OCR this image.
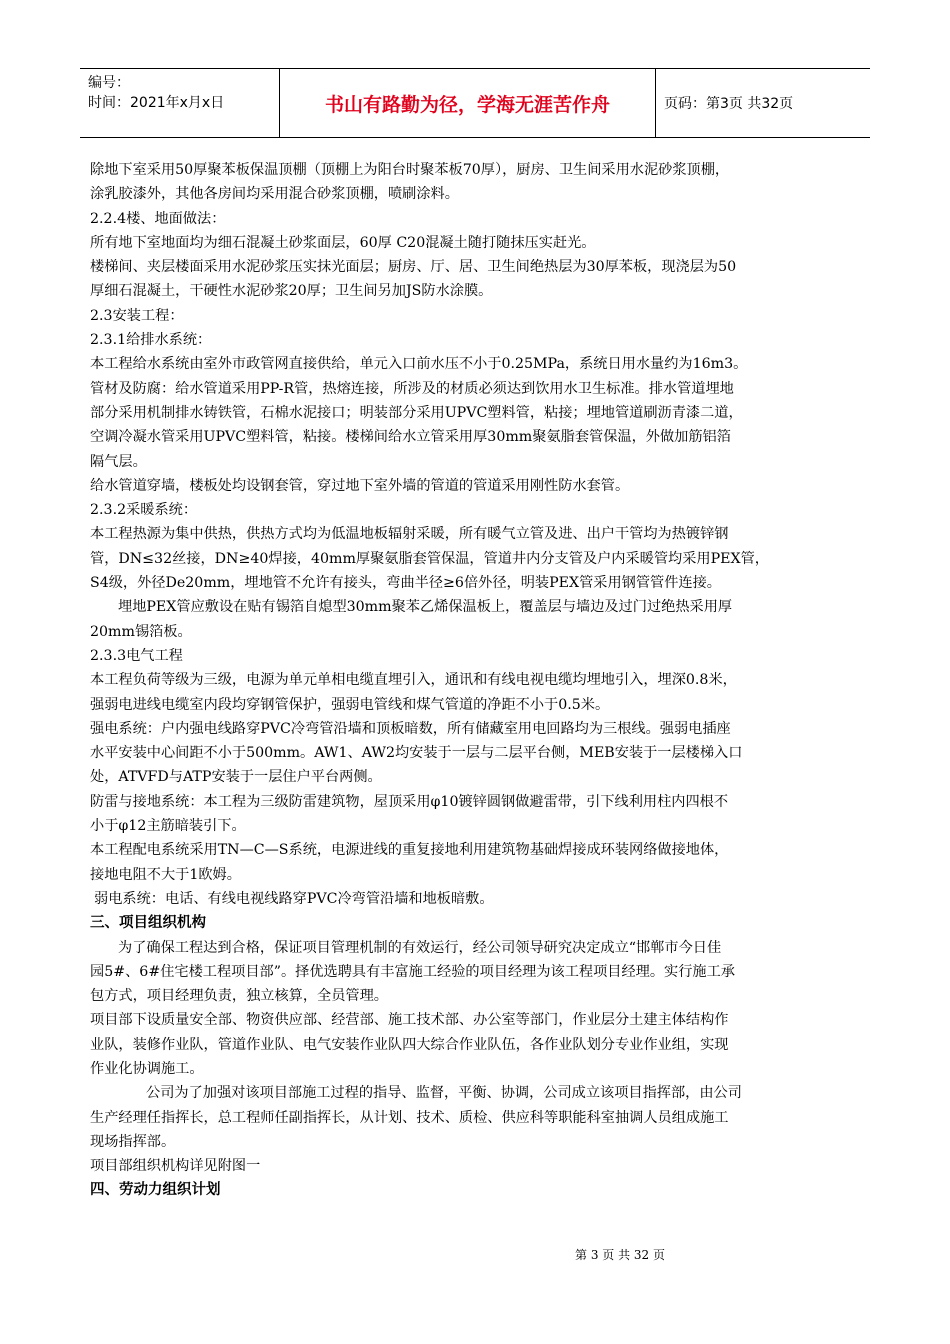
编号：
时间：2021年x月x日	书山有路勤为径，学海无涯苦作舟	页码：第3页 共32页
除地下室采用50厚聚苯板保温顶棚（顶棚上为阳台时聚苯板70厚），厨房、卫生间采用水泥砂浆顶棚，
涂乳胶漆外，其他各房间均采用混合砂浆顶棚，喷刷涂料。
2.2.4楼、地面做法：
所有地下室地面均为细石混凝土砂浆面层，60厚 C20混凝土随打随抹压实赶光。
楼梯间、夹层楼面采用水泥砂浆压实抹光面层；厨房、厅、居、卫生间绝热层为30厚苯板，现浇层为50
厚细石混凝土，干硬性水泥砂浆20厚；卫生间另加JS防水涂膜。
2.3安装工程：
2.3.1给排水系统：
本工程给水系统由室外市政管网直接供给，单元入口前水压不小于0.25MPa，系统日用水量约为16m3。
管材及防腐：给水管道采用PP-R管，热熔连接，所涉及的材质必须达到饮用水卫生标准。排水管道埋地
部分采用机制排水铸铁管，石棉水泥接口；明装部分采用UPVC塑料管，粘接；埋地管道刷沥青漆二道，
空调冷凝水管采用UPVC塑料管，粘接。楼梯间给水立管采用厚30mm聚氨脂套管保温，外做加筋铝箔
隔气层。
给水管道穿墙，楼板处均设钢套管，穿过地下室外墙的管道的管道采用刚性防水套管。
2.3.2采暖系统：
本工程热源为集中供热，供热方式均为低温地板辐射采暖，所有暖气立管及进、出户干管均为热镀锌钢
管，DN≤32丝接，DN≥40焊接，40mm厚聚氨脂套管保温，管道井内分支管及户内采暖管均采用PEX管，
S4级，外径De20mm，埋地管不允许有接头，弯曲半径≥6倍外径，明装PEX管采用钢管管件连接。
埋地PEX管应敷设在贴有锡箔自熄型30mm聚苯乙烯保温板上，覆盖层与墙边及过门过绝热采用厚
20mm锡箔板。
2.3.3电气工程
本工程负荷等级为三级，电源为单元单相电缆直埋引入，通讯和有线电视电缆均埋地引入，埋深0.8米，
强弱电进线电缆室内段均穿钢管保护，强弱电管线和煤气管道的净距不小于0.5米。
强电系统：户内强电线路穿PVC冷弯管沿墙和顶板暗数，所有储藏室用电回路均为三根线。强弱电插座
水平安装中心间距不小于500mm。AW1、AW2均安装于一层与二层平台侧，MEB安装于一层楼梯入口
处，ATVFD与ATP安装于一层住户平台两侧。
防雷与接地系统：本工程为三级防雷建筑物，屋顶采用φ10镀锌圆钢做避雷带，引下线利用柱内四根不
小于φ12主筋暗装引下。
本工程配电系统采用TN—C—S系统，电源进线的重复接地利用建筑物基础焊接成环装网络做接地体，
接地电阻不大于1欧姆。
弱电系统：电话、有线电视线路穿PVC冷弯管沿墙和地板暗敷。
三、项目组织机构
为了确保工程达到合格，保证项目管理机制的有效运行，经公司领导研究决定成立“邯郸市今日佳
园5#、6#住宅楼工程项目部”。择优选聘具有丰富施工经验的项目经理为该工程项目经理。实行施工承
包方式，项目经理负责，独立核算，全员管理。
项目部下设质量安全部、物资供应部、经营部、施工技术部、办公室等部门，作业层分土建主体结构作
业队，装修作业队，管道作业队、电气安装作业队四大综合作业队伍，各作业队划分专业作业组，实现
作业化协调施工。
公司为了加强对该项目部施工过程的指导、监督，平衡、协调，公司成立该项目指挥部，由公司
生产经理任指挥长，总工程师任副指挥长，从计划、技术、质检、供应科等职能科室抽调人员组成施工
现场指挥部。
项目部组织机构详见附图一
四、劳动力组织计划
第 3 页 共 32 页
